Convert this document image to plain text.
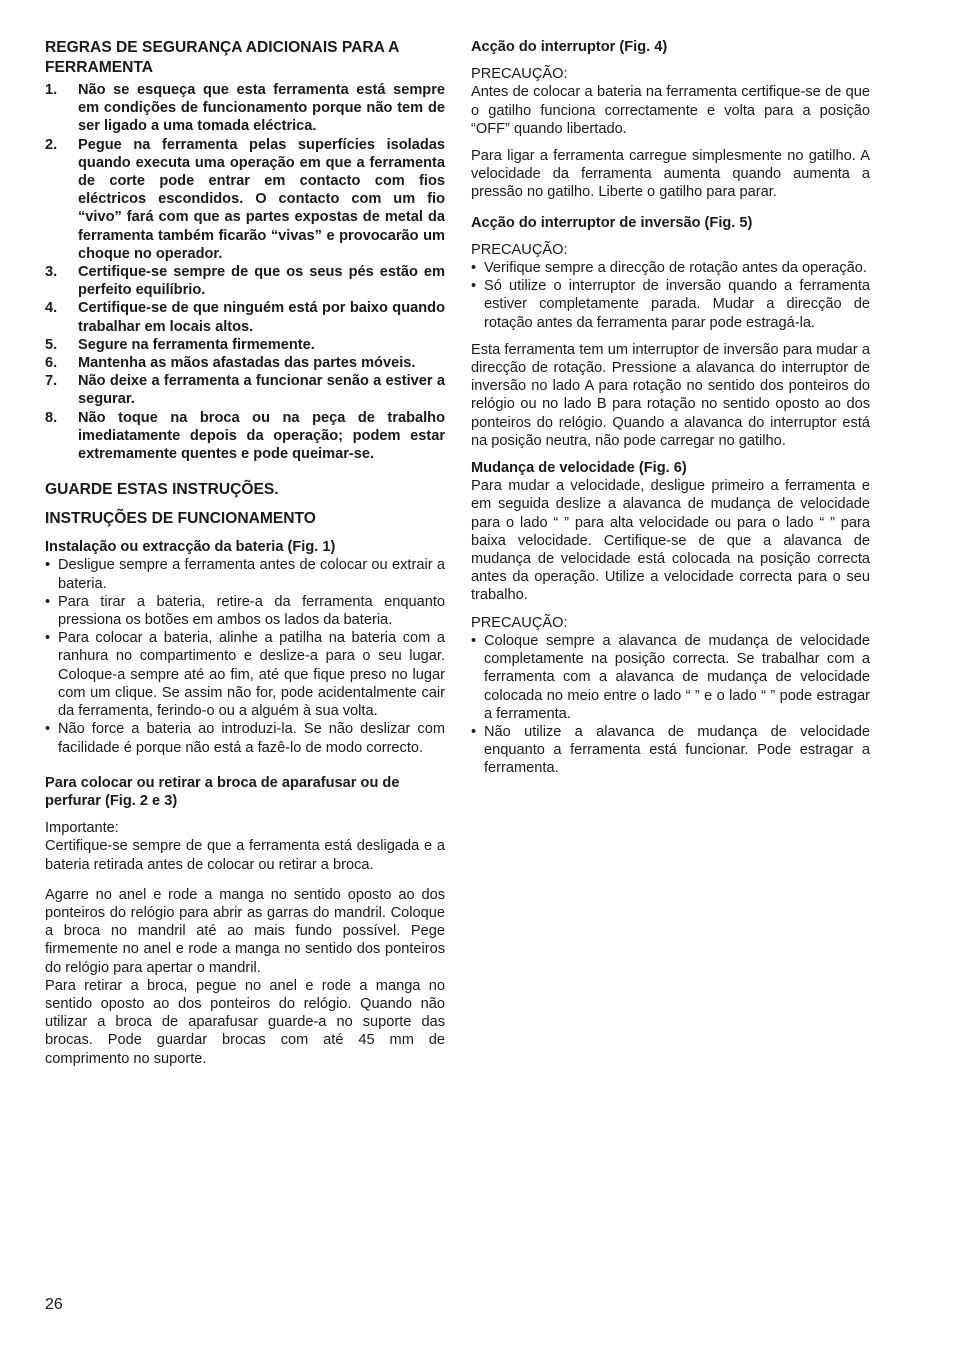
REGRAS DE SEGURANÇA ADICIONAIS PARA A FERRAMENTA

1. Não se esqueça que esta ferramenta está sempre em condições de funcionamento porque não tem de ser ligado a uma tomada eléctrica.
2. Pegue na ferramenta pelas superfícies isoladas quando executa uma operação em que a ferramenta de corte pode entrar em contacto com fios eléctricos escondidos. O contacto com um fio “vivo” fará com que as partes expostas de metal da ferramenta também ficarão “vivas” e provocarão um choque no operador.
3. Certifique-se sempre de que os seus pés estão em perfeito equilíbrio.
4. Certifique-se de que ninguém está por baixo quando trabalhar em locais altos.
5. Segure na ferramenta firmemente.
6. Mantenha as mãos afastadas das partes móveis.
7. Não deixe a ferramenta a funcionar senão a estiver a segurar.
8. Não toque na broca ou na peça de trabalho imediatamente depois da operação; podem estar extremamente quentes e pode queimar-se.

GUARDE ESTAS INSTRUÇÕES.

INSTRUÇÕES DE FUNCIONAMENTO

Instalação ou extracção da bateria (Fig. 1)

• Desligue sempre a ferramenta antes de colocar ou extrair a bateria.
• Para tirar a bateria, retire-a da ferramenta enquanto pressiona os botões em ambos os lados da bateria.
• Para colocar a bateria, alinhe a patilha na bateria com a ranhura no compartimento e deslize-a para o seu lugar. Coloque-a sempre até ao fim, até que fique preso no lugar com um clique. Se assim não for, pode acidentalmente cair da ferramenta, ferindo-o ou a alguém à sua volta.
• Não force a bateria ao introduzi-la. Se não deslizar com facilidade é porque não está a fazê-lo de modo correcto.

Para colocar ou retirar a broca de aparafusar ou de perfurar (Fig. 2 e 3)

Importante:

Certifique-se sempre de que a ferramenta está desligada e a bateria retirada antes de colocar ou retirar a broca.

Agarre no anel e rode a manga no sentido oposto ao dos ponteiros do relógio para abrir as garras do mandril. Coloque a broca no mandril até ao mais fundo possível. Pege firmemente no anel e rode a manga no sentido dos ponteiros do relógio para apertar o mandril.

Para retirar a broca, pegue no anel e rode a manga no sentido oposto ao dos ponteiros do relógio. Quando não utilizar a broca de aparafusar guarde-a no suporte das brocas. Pode guardar brocas com até 45 mm de comprimento no suporte.

Acção do interruptor (Fig. 4)

PRECAUÇÃO:

Antes de colocar a bateria na ferramenta certifique-se de que o gatilho funciona correctamente e volta para a posição “OFF” quando libertado.

Para ligar a ferramenta carregue simplesmente no gatilho. A velocidade da ferramenta aumenta quando aumenta a pressão no gatilho. Liberte o gatilho para parar.

Acção do interruptor de inversão (Fig. 5)

PRECAUÇÃO:

• Verifique sempre a direcção de rotação antes da operação.
• Só utilize o interruptor de inversão quando a ferramenta estiver completamente parada. Mudar a direcção de rotação antes da ferramenta parar pode estragá-la.

Esta ferramenta tem um interruptor de inversão para mudar a direcção de rotação. Pressione a alavanca do interruptor de inversão no lado A para rotação no sentido dos ponteiros do relógio ou no lado B para rotação no sentido oposto ao dos ponteiros do relógio. Quando a alavanca do interruptor está na posição neutra, não pode carregar no gatilho.

Mudança de velocidade (Fig. 6)

Para mudar a velocidade, desligue primeiro a ferramenta e em seguida deslize a alavanca de mudança de velocidade para o lado “ ” para alta velocidade ou para o lado “ ” para baixa velocidade. Certifique-se de que a alavanca de mudança de velocidade está colocada na posição correcta antes da operação. Utilize a velocidade correcta para o seu trabalho.

PRECAUÇÃO:

• Coloque sempre a alavanca de mudança de velocidade completamente na posição correcta. Se trabalhar com a ferramenta com a alavanca de mudança de velocidade colocada no meio entre o lado “ ” e o lado “ ” pode estragar a ferramenta.
• Não utilize a alavanca de mudança de velocidade enquanto a ferramenta está funcionar. Pode estragar a ferramenta.
26
